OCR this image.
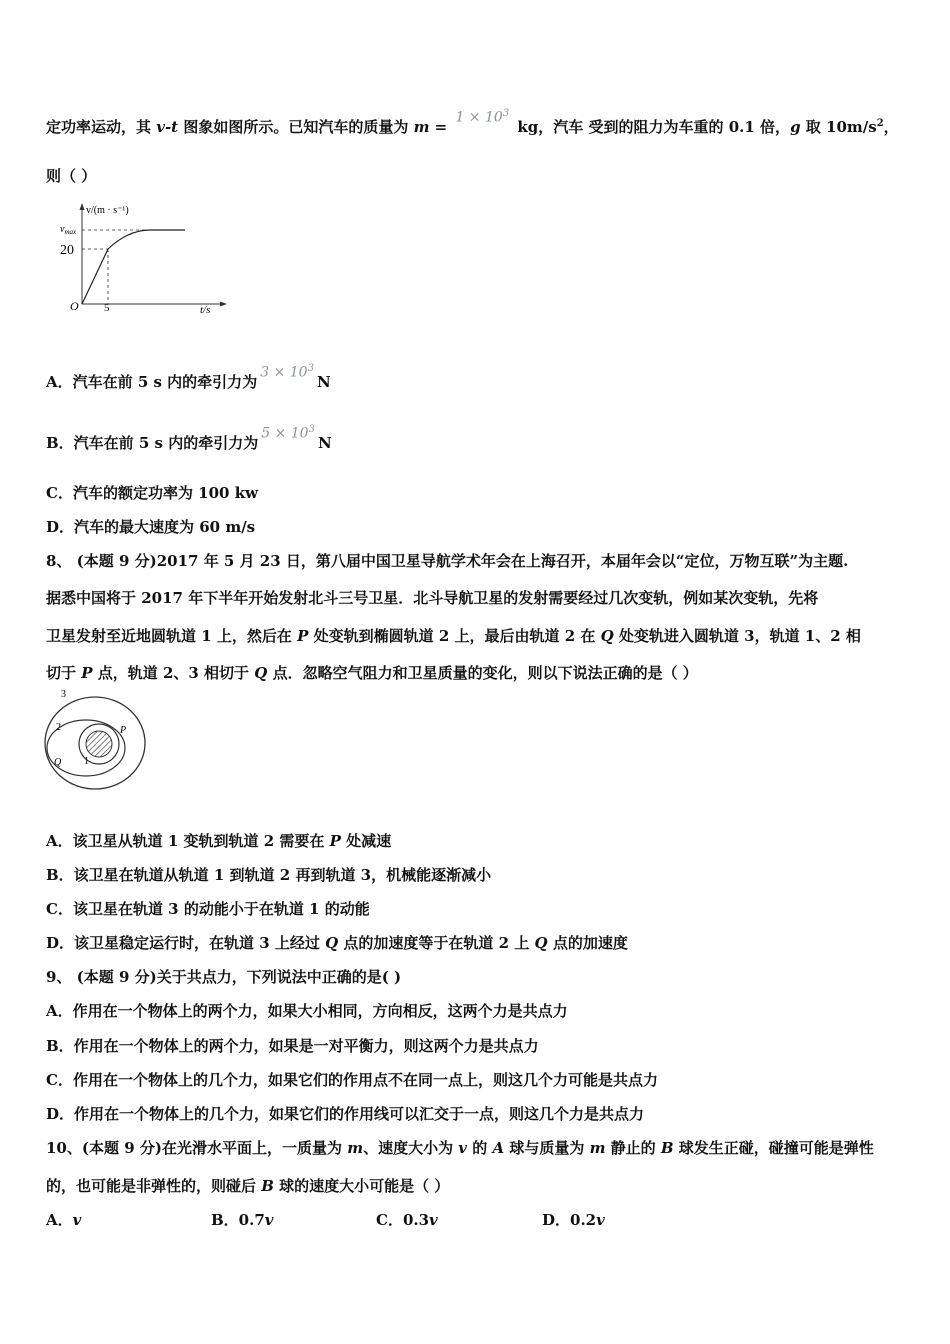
定功率运动，其 v-t 图象如图所示。已知汽车的质量为 $m = 1 \times 10^3$ kg，汽车 受到的阻力为车重的 0.1 倍，g 取 $10m/s^2$，
则（ ）
v/(m · s⁻¹)
$v_{max}$
20
O 5	t/s
A．汽车在前 5 s 内的牵引力为 $3 \times 10^3N$
B．汽车在前 5 s 内的牵引力为 $5 \times 10^3N$
C．汽车的额定功率为 100 kw
D．汽车的最大速度为 60 m/s
8、 (本题 9 分)2017 年 5 月 23 日，第八届中国卫星导航学术年会在上海召开，本届年会以“定位，万物互联”为主题.
据悉中国将于 2017 年下半年开始发射北斗三号卫星．北斗导航卫星的发射需要经过几次变轨，例如某次变轨，先将
卫星发射至近地圆轨道 1 上，然后在 P 处变轨到椭圆轨道 2 上，最后由轨道 2 在 Q 处变轨进入圆轨道 3，轨道 1、2 相
切于 P 点，轨道 2、3 相切于 Q 点．忽略空气阻力和卫星质量的变化，则以下说法正确的是（ ）
3
2	P
Q 1
A．该卫星从轨道 1 变轨到轨道 2 需要在 P 处减速
B．该卫星在轨道从轨道 1 到轨道 2 再到轨道 3，机械能逐渐减小
C．该卫星在轨道 3 的动能小于在轨道 1 的动能
D．该卫星稳定运行时，在轨道 3 上经过 Q 点的加速度等于在轨道 2 上 Q 点的加速度
9、 (本题 9 分)关于共点力，下列说法中正确的是( )
A．作用在一个物体上的两个力，如果大小相同，方向相反，这两个力是共点力
B．作用在一个物体上的两个力，如果是一对平衡力，则这两个力是共点力
C．作用在一个物体上的几个力，如果它们的作用点不在同一点上，则这几个力可能是共点力
D．作用在一个物体上的几个力，如果它们的作用线可以汇交于一点，则这几个力是共点力
10、(本题 9 分)在光滑水平面上，一质量为 m、速度大小为 v 的 A 球与质量为 m 静止的 B 球发生正碰，碰撞可能是弹性
的，也可能是非弹性的，则碰后 B 球的速度大小可能是（ ）
A．v	B．0.7v	C．0.3v	D．0.2v
